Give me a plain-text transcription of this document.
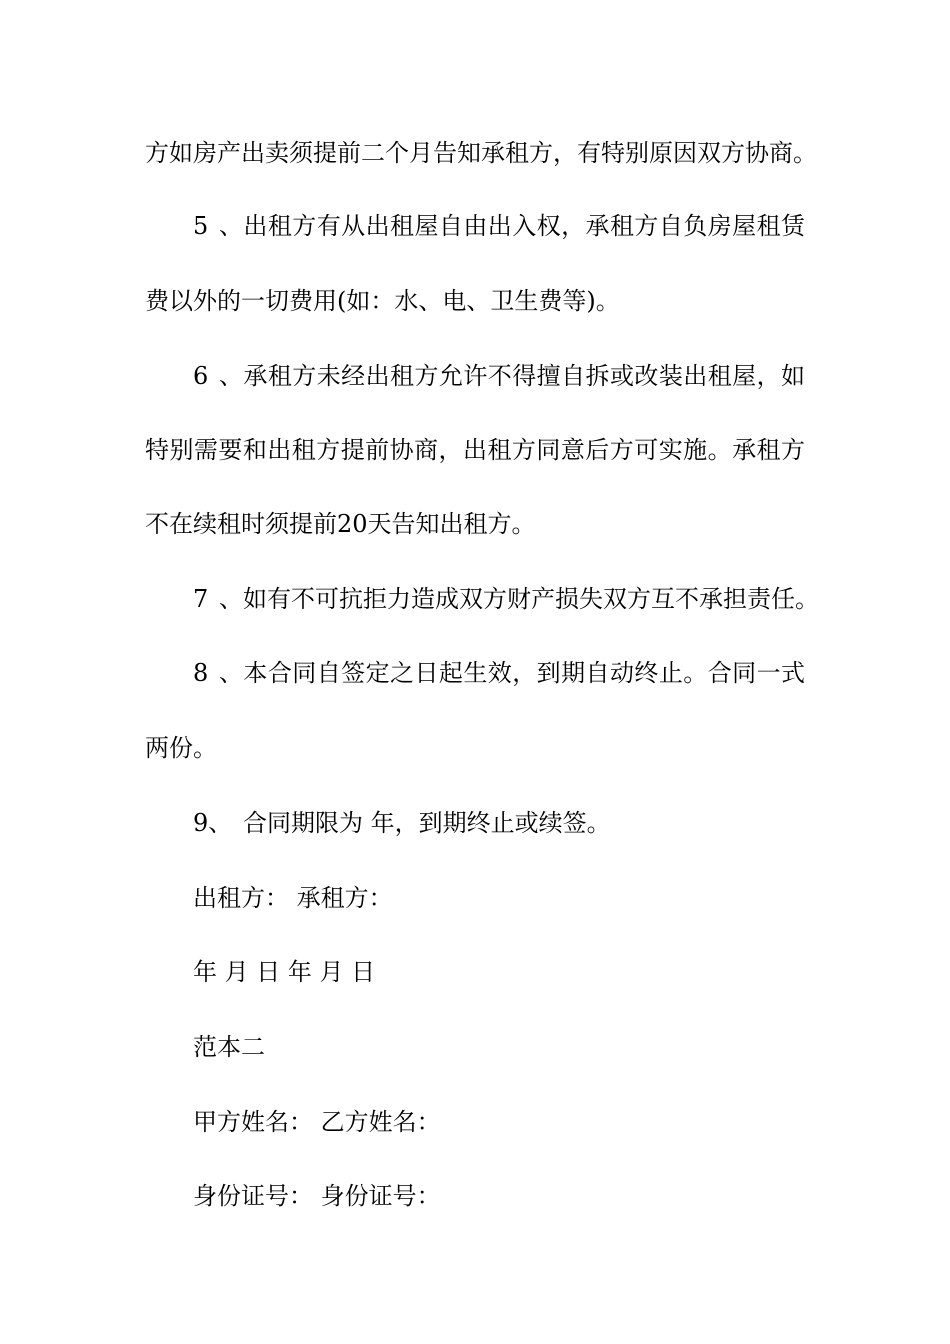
方如房产出卖须提前二个月告知承租方，有特别原因双方协商。
5、出租方有从出租屋自由出入权，承租方自负房屋租赁
费以外的一切费用(如：水、电、卫生费等)。
6、承租方未经出租方允许不得擅自拆或改装出租屋，如
特别需要和出租方提前协商，出租方同意后方可实施。承租方
不在续租时须提前20天告知出租方。
7、如有不可抗拒力造成双方财产损失双方互不承担责任。
8、本合同自签定之日起生效，到期自动终止。合同一式
两份。
9、 合同期限为 年，到期终止或续签。
出租方： 承租方：
年 月 日 年 月 日
范本二
甲方姓名： 乙方姓名：
身份证号： 身份证号：
